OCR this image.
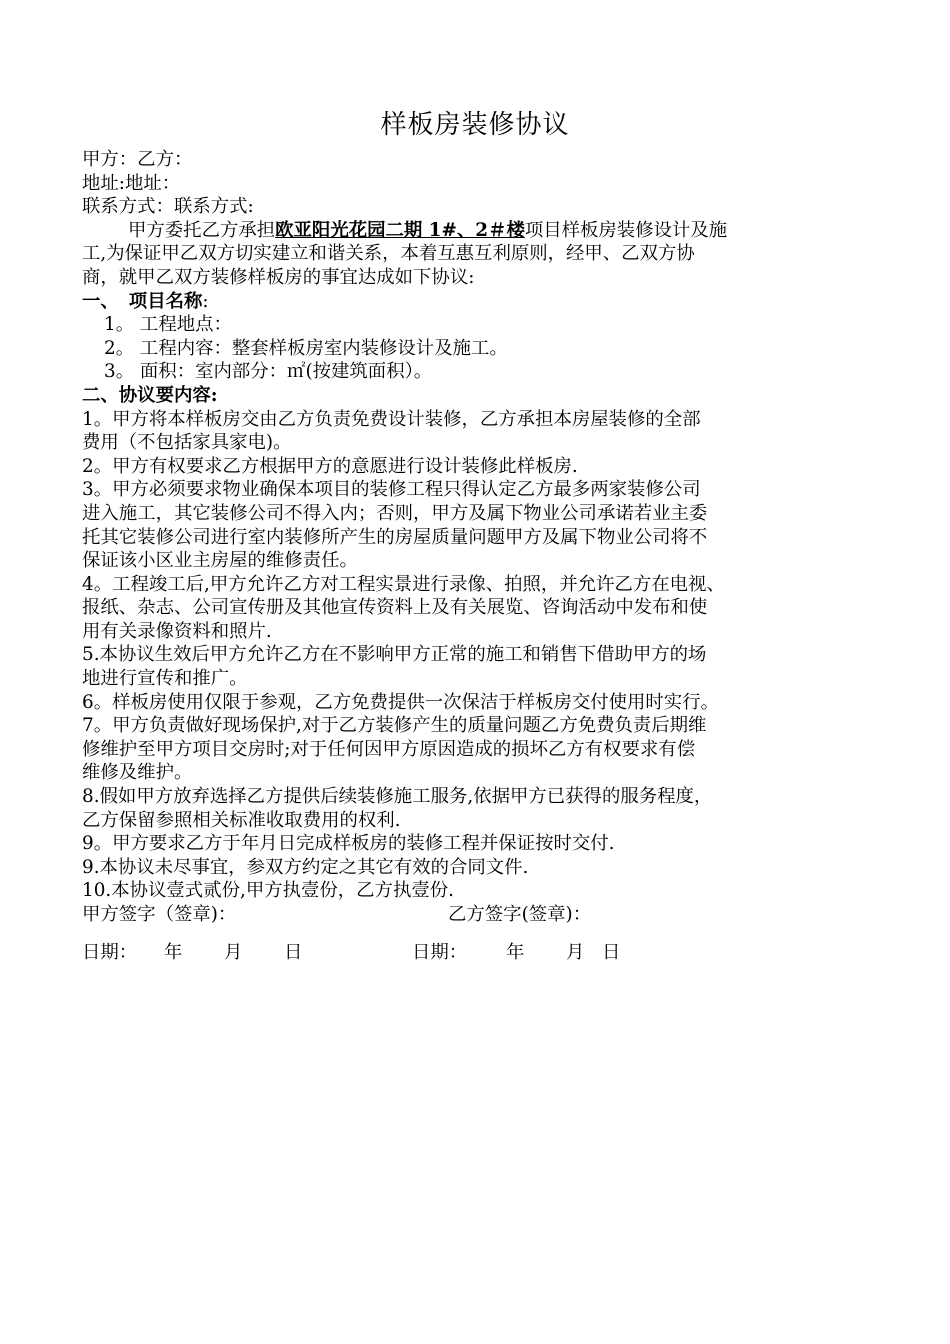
样板房装修协议
甲方：乙方：
地址:地址：
联系方式：联系方式:
甲方委托乙方承担欧亚阳光花园二期 1#、2＃楼项目样板房装修设计及施
工,为保证甲乙双方切实建立和谐关系，本着互惠互利原则，经甲、乙双方协
商，就甲乙双方装修样板房的事宜达成如下协议:
一、 项目名称:
1。 工程地点：
2。 工程内容：整套样板房室内装修设计及施工。
3。 面积：室内部分：㎡(按建筑面积）。
二、协议要内容:
1。甲方将本样板房交由乙方负责免费设计装修，乙方承担本房屋装修的全部
费用（不包括家具家电)。
2。甲方有权要求乙方根据甲方的意愿进行设计装修此样板房.
3。甲方必须要求物业确保本项目的装修工程只得认定乙方最多两家装修公司
进入施工，其它装修公司不得入内；否则，甲方及属下物业公司承诺若业主委
托其它装修公司进行室内装修所产生的房屋质量问题甲方及属下物业公司将不
保证该小区业主房屋的维修责任。
4。工程竣工后,甲方允许乙方对工程实景进行录像、拍照，并允许乙方在电视、
报纸、杂志、公司宣传册及其他宣传资料上及有关展览、咨询活动中发布和使
用有关录像资料和照片.
5.本协议生效后甲方允许乙方在不影响甲方正常的施工和销售下借助甲方的场
地进行宣传和推广。
6。样板房使用仅限于参观，乙方免费提供一次保洁于样板房交付使用时实行。
7。甲方负责做好现场保护,对于乙方装修产生的质量问题乙方免费负责后期维
修维护至甲方项目交房时;对于任何因甲方原因造成的损坏乙方有权要求有偿
维修及维护。
8.假如甲方放弃选择乙方提供后续装修施工服务,依据甲方已获得的服务程度，
乙方保留参照相关标准收取费用的权利.
9。甲方要求乙方于年月日完成样板房的装修工程并保证按时交付.
9.本协议未尽事宜，参双方约定之其它有效的合同文件.
10.本协议壹式贰份,甲方执壹份，乙方执壹份.
甲方签字（签章)：	乙方签字(签章)：
日期： 年 月 日	日期： 年 月 日
